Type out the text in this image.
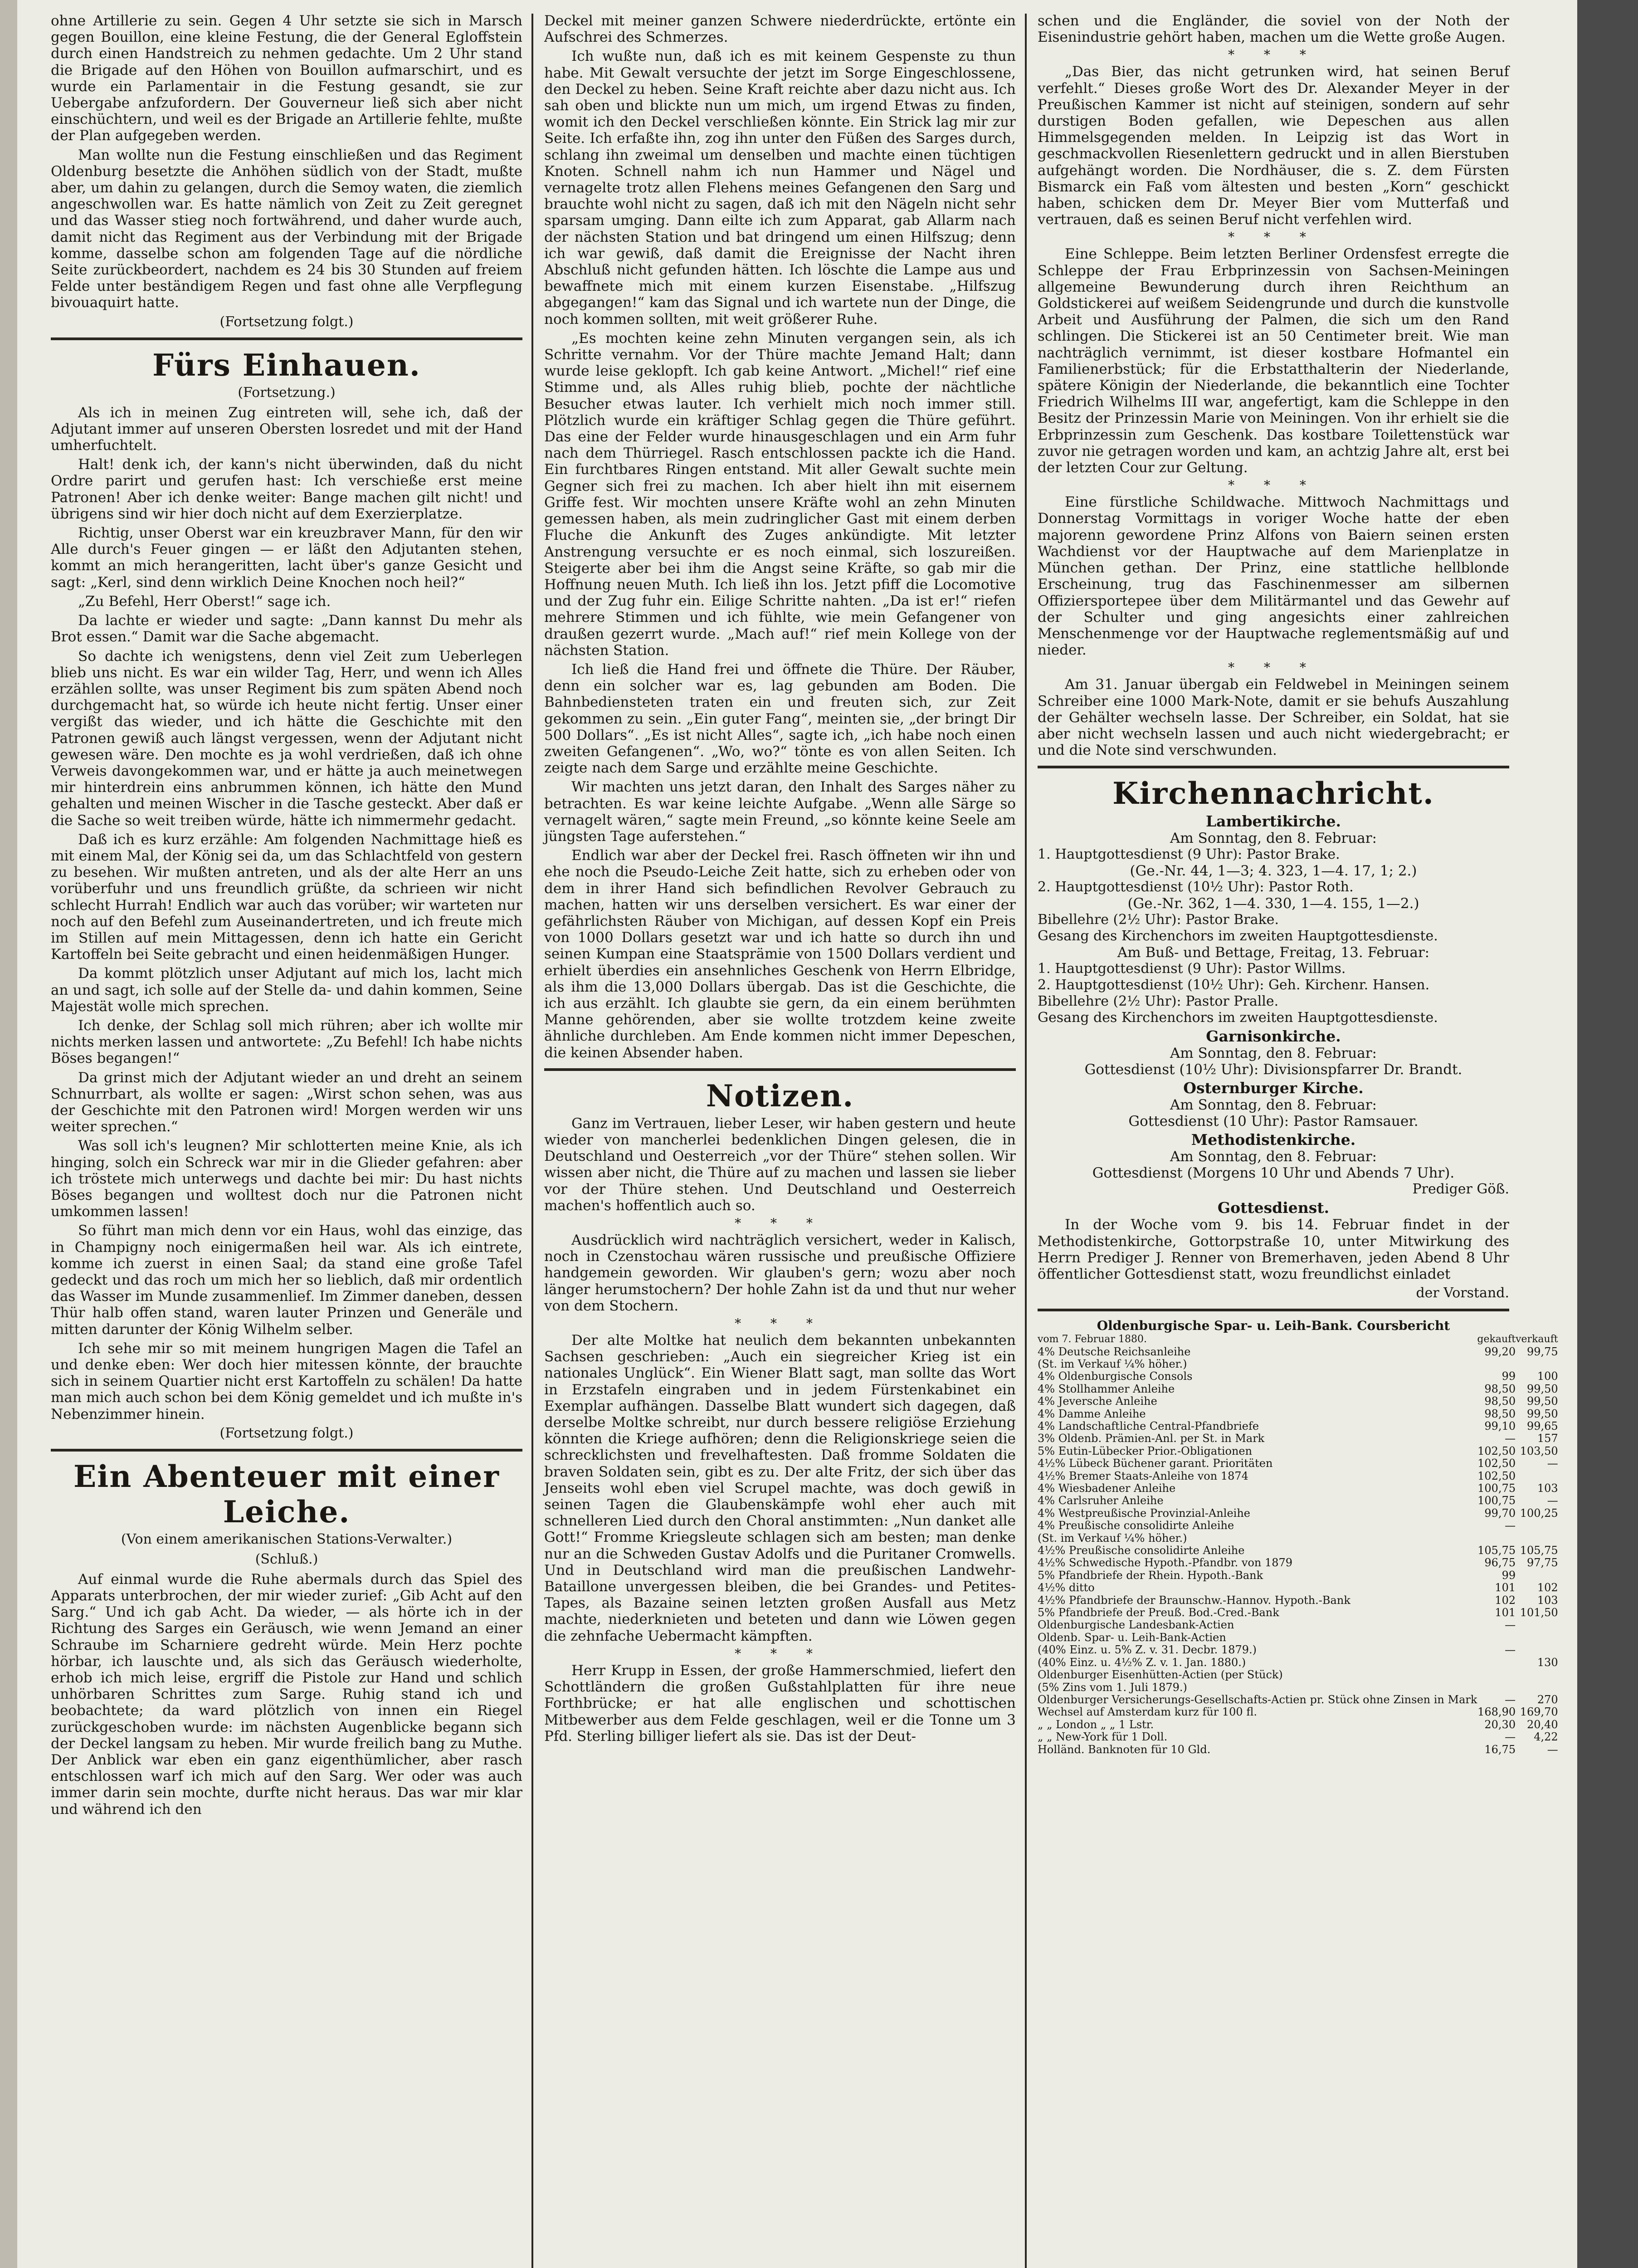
ohne Artillerie zu sein. Gegen 4 Uhr setzte sie sich in Marsch gegen Bouillon, eine kleine Festung, die der General Egloffstein durch einen Handstreich zu nehmen gedachte. Um 2 Uhr stand die Brigade auf den Höhen von Bouillon aufmarschirt, und es wurde ein Parlamentair in die Festung gesandt, sie zur Uebergabe anfzufordern. Der Gouverneur ließ sich aber nicht einschüchtern, und weil es der Brigade an Artillerie fehlte, mußte der Plan aufgegeben werden.

Man wollte nun die Festung einschließen und das Regiment Oldenburg besetzte die Anhöhen südlich von der Stadt, mußte aber, um dahin zu gelangen, durch die Semoy waten, die ziemlich angeschwollen war. Es hatte nämlich von Zeit zu Zeit geregnet und das Wasser stieg noch fortwährend, und daher wurde auch, damit nicht das Regiment aus der Verbindung mit der Brigade komme, dasselbe schon am folgenden Tage auf die nördliche Seite zurückbeordert, nachdem es 24 bis 30 Stunden auf freiem Felde unter beständigem Regen und fast ohne alle Verpflegung bivouaquirt hatte.

(Fortsetzung folgt.)

Fürs Einhauen.

(Fortsetzung.)

Als ich in meinen Zug eintreten will, sehe ich, daß der Adjutant immer auf unseren Obersten losredet und mit der Hand umherfuchtelt.

Halt! denk ich, der kann's nicht überwinden, daß du nicht Ordre parirt und gerufen hast: Ich verschieße erst meine Patronen! Aber ich denke weiter: Bange machen gilt nicht! und übrigens sind wir hier doch nicht auf dem Exerzierplatze.

Richtig, unser Oberst war ein kreuzbraver Mann, für den wir Alle durch's Feuer gingen — er läßt den Adjutanten stehen, kommt an mich herangeritten, lacht über's ganze Gesicht und sagt: „Kerl, sind denn wirklich Deine Knochen noch heil?“

„Zu Befehl, Herr Oberst!“ sage ich.

Da lachte er wieder und sagte: „Dann kannst Du mehr als Brot essen.“ Damit war die Sache abgemacht.

So dachte ich wenigstens, denn viel Zeit zum Ueberlegen blieb uns nicht. Es war ein wilder Tag, Herr, und wenn ich Alles erzählen sollte, was unser Regiment bis zum späten Abend noch durchgemacht hat, so würde ich heute nicht fertig. Unser einer vergißt das wieder, und ich hätte die Geschichte mit den Patronen gewiß auch längst vergessen, wenn der Adjutant nicht gewesen wäre. Den mochte es ja wohl verdrießen, daß ich ohne Verweis davongekommen war, und er hätte ja auch meinetwegen mir hinterdrein eins anbrummen können, ich hätte den Mund gehalten und meinen Wischer in die Tasche gesteckt. Aber daß er die Sache so weit treiben würde, hätte ich nimmermehr gedacht.

Daß ich es kurz erzähle: Am folgenden Nachmittage hieß es mit einem Mal, der König sei da, um das Schlachtfeld von gestern zu besehen. Wir mußten antreten, und als der alte Herr an uns vorüberfuhr und uns freundlich grüßte, da schrieen wir nicht schlecht Hurrah! Endlich war auch das vorüber; wir warteten nur noch auf den Befehl zum Auseinandertreten, und ich freute mich im Stillen auf mein Mittagessen, denn ich hatte ein Gericht Kartoffeln bei Seite gebracht und einen heidenmäßigen Hunger.

Da kommt plötzlich unser Adjutant auf mich los, lacht mich an und sagt, ich solle auf der Stelle da- und dahin kommen, Seine Majestät wolle mich sprechen.

Ich denke, der Schlag soll mich rühren; aber ich wollte mir nichts merken lassen und antwortete: „Zu Befehl! Ich habe nichts Böses begangen!“

Da grinst mich der Adjutant wieder an und dreht an seinem Schnurrbart, als wollte er sagen: „Wirst schon sehen, was aus der Geschichte mit den Patronen wird! Morgen werden wir uns weiter sprechen.“

Was soll ich's leugnen? Mir schlotterten meine Knie, als ich hinging, solch ein Schreck war mir in die Glieder gefahren: aber ich tröstete mich unterwegs und dachte bei mir: Du hast nichts Böses begangen und wolltest doch nur die Patronen nicht umkommen lassen!

So führt man mich denn vor ein Haus, wohl das einzige, das in Champigny noch einigermaßen heil war. Als ich eintrete, komme ich zuerst in einen Saal; da stand eine große Tafel gedeckt und das roch um mich her so lieblich, daß mir ordentlich das Wasser im Munde zusammenlief. Im Zimmer daneben, dessen Thür halb offen stand, waren lauter Prinzen und Generäle und mitten darunter der König Wilhelm selber.

Ich sehe mir so mit meinem hungrigen Magen die Tafel an und denke eben: Wer doch hier mitessen könnte, der brauchte sich in seinem Quartier nicht erst Kartoffeln zu schälen! Da hatte man mich auch schon bei dem König gemeldet und ich mußte in's Nebenzimmer hinein.

(Fortsetzung folgt.)

Ein Abenteuer mit einer Leiche.

(Von einem amerikanischen Stations-Verwalter.)

(Schluß.)

Auf einmal wurde die Ruhe abermals durch das Spiel des Apparats unterbrochen, der mir wieder zurief: „Gib Acht auf den Sarg.“ Und ich gab Acht. Da wieder, — als hörte ich in der Richtung des Sarges ein Geräusch, wie wenn Jemand an einer Schraube im Scharniere gedreht würde. Mein Herz pochte hörbar, ich lauschte und, als sich das Geräusch wiederholte, erhob ich mich leise, ergriff die Pistole zur Hand und schlich unhörbaren Schrittes zum Sarge. Ruhig stand ich und beobachtete; da ward plötzlich von innen ein Riegel zurückgeschoben wurde: im nächsten Augenblicke begann sich der Deckel langsam zu heben. Mir wurde freilich bang zu Muthe. Der Anblick war eben ein ganz eigenthümlicher, aber rasch entschlossen warf ich mich auf den Sarg. Wer oder was auch immer darin sein mochte, durfte nicht heraus. Das war mir klar und während ich den

Deckel mit meiner ganzen Schwere niederdrückte, ertönte ein Aufschrei des Schmerzes.

Ich wußte nun, daß ich es mit keinem Gespenste zu thun habe. Mit Gewalt versuchte der jetzt im Sorge Eingeschlossene, den Deckel zu heben. Seine Kraft reichte aber dazu nicht aus. Ich sah oben und blickte nun um mich, um irgend Etwas zu finden, womit ich den Deckel verschließen könnte. Ein Strick lag mir zur Seite. Ich erfaßte ihn, zog ihn unter den Füßen des Sarges durch, schlang ihn zweimal um denselben und machte einen tüchtigen Knoten. Schnell nahm ich nun Hammer und Nägel und vernagelte trotz allen Flehens meines Gefangenen den Sarg und brauchte wohl nicht zu sagen, daß ich mit den Nägeln nicht sehr sparsam umging. Dann eilte ich zum Apparat, gab Allarm nach der nächsten Station und bat dringend um einen Hilfszug; denn ich war gewiß, daß damit die Ereignisse der Nacht ihren Abschluß nicht gefunden hätten. Ich löschte die Lampe aus und bewaffnete mich mit einem kurzen Eisenstabe. „Hilfszug abgegangen!“ kam das Signal und ich wartete nun der Dinge, die noch kommen sollten, mit weit größerer Ruhe.

„Es mochten keine zehn Minuten vergangen sein, als ich Schritte vernahm. Vor der Thüre machte Jemand Halt; dann wurde leise geklopft. Ich gab keine Antwort. „Michel!“ rief eine Stimme und, als Alles ruhig blieb, pochte der nächtliche Besucher etwas lauter. Ich verhielt mich noch immer still. Plötzlich wurde ein kräftiger Schlag gegen die Thüre geführt. Das eine der Felder wurde hinausgeschlagen und ein Arm fuhr nach dem Thürriegel. Rasch entschlossen packte ich die Hand. Ein furchtbares Ringen entstand. Mit aller Gewalt suchte mein Gegner sich frei zu machen. Ich aber hielt ihn mit eisernem Griffe fest. Wir mochten unsere Kräfte wohl an zehn Minuten gemessen haben, als mein zudringlicher Gast mit einem derben Fluche die Ankunft des Zuges ankündigte. Mit letzter Anstrengung versuchte er es noch einmal, sich loszureißen. Steigerte aber bei ihm die Angst seine Kräfte, so gab mir die Hoffnung neuen Muth. Ich ließ ihn los. Jetzt pfiff die Locomotive und der Zug fuhr ein. Eilige Schritte nahten. „Da ist er!“ riefen mehrere Stimmen und ich fühlte, wie mein Gefangener von draußen gezerrt wurde. „Mach auf!“ rief mein Kollege von der nächsten Station.

Ich ließ die Hand frei und öffnete die Thüre. Der Räuber, denn ein solcher war es, lag gebunden am Boden. Die Bahnbediensteten traten ein und freuten sich, zur Zeit gekommen zu sein. „Ein guter Fang“, meinten sie, „der bringt Dir 500 Dollars“. „Es ist nicht Alles“, sagte ich, „ich habe noch einen zweiten Gefangenen“. „Wo, wo?“ tönte es von allen Seiten. Ich zeigte nach dem Sarge und erzählte meine Geschichte.

Wir machten uns jetzt daran, den Inhalt des Sarges näher zu betrachten. Es war keine leichte Aufgabe. „Wenn alle Särge so vernagelt wären,“ sagte mein Freund, „so könnte keine Seele am jüngsten Tage auferstehen.“

Endlich war aber der Deckel frei. Rasch öffneten wir ihn und ehe noch die Pseudo-Leiche Zeit hatte, sich zu erheben oder von dem in ihrer Hand sich befindlichen Revolver Gebrauch zu machen, hatten wir uns derselben versichert. Es war einer der gefährlichsten Räuber von Michigan, auf dessen Kopf ein Preis von 1000 Dollars gesetzt war und ich hatte so durch ihn und seinen Kumpan eine Staatsprämie von 1500 Dollars verdient und erhielt überdies ein ansehnliches Geschenk von Herrn Elbridge, als ihm die 13,000 Dollars übergab. Das ist die Geschichte, die ich aus erzählt. Ich glaubte sie gern, da ein einem berühmten Manne gehörenden, aber sie wollte trotzdem keine zweite ähnliche durchleben. Am Ende kommen nicht immer Depeschen, die keinen Absender haben.

Notizen.

Ganz im Vertrauen, lieber Leser, wir haben gestern und heute wieder von mancherlei bedenklichen Dingen gelesen, die in Deutschland und Oesterreich „vor der Thüre“ stehen sollen. Wir wissen aber nicht, die Thüre auf zu machen und lassen sie lieber vor der Thüre stehen. Und Deutschland und Oesterreich machen's hoffentlich auch so.

* * *

Ausdrücklich wird nachträglich versichert, weder in Kalisch, noch in Czenstochau wären russische und preußische Offiziere handgemein geworden. Wir glauben's gern; wozu aber noch länger herumstochern? Der hohle Zahn ist da und thut nur weher von dem Stochern.

* * *

Der alte Moltke hat neulich dem bekannten unbekannten Sachsen geschrieben: „Auch ein siegreicher Krieg ist ein nationales Unglück“. Ein Wiener Blatt sagt, man sollte das Wort in Erzstafeln eingraben und in jedem Fürstenkabinet ein Exemplar aufhängen. Dasselbe Blatt wundert sich dagegen, daß derselbe Moltke schreibt, nur durch bessere religiöse Erziehung könnten die Kriege aufhören; denn die Religionskriege seien die schrecklichsten und frevelhaftesten. Daß fromme Soldaten die braven Soldaten sein, gibt es zu. Der alte Fritz, der sich über das Jenseits wohl eben viel Scrupel machte, was doch gewiß in seinen Tagen die Glaubenskämpfe wohl eher auch mit schnelleren Lied durch den Choral anstimmten: „Nun danket alle Gott!“ Fromme Kriegsleute schlagen sich am besten; man denke nur an die Schweden Gustav Adolfs und die Puritaner Cromwells. Und in Deutschland wird man die preußischen Landwehr-Bataillone unvergessen bleiben, die bei Grandes- und Petites-Tapes, als Bazaine seinen letzten großen Ausfall aus Metz machte, niederknieten und beteten und dann wie Löwen gegen die zehnfache Uebermacht kämpften.

* * *

Herr Krupp in Essen, der große Hammerschmied, liefert den Schottländern die großen Gußstahlplatten für ihre neue Forthbrücke; er hat alle englischen und schottischen Mitbewerber aus dem Felde geschlagen, weil er die Tonne um 3 Pfd. Sterling billiger liefert als sie. Das ist der Deut-

schen und die Engländer, die soviel von der Noth der Eisenindustrie gehört haben, machen um die Wette große Augen.

* * *

„Das Bier, das nicht getrunken wird, hat seinen Beruf verfehlt.“ Dieses große Wort des Dr. Alexander Meyer in der Preußischen Kammer ist nicht auf steinigen, sondern auf sehr durstigen Boden gefallen, wie Depeschen aus allen Himmelsgegenden melden. In Leipzig ist das Wort in geschmackvollen Riesenlettern gedruckt und in allen Bierstuben aufgehängt worden. Die Nordhäuser, die s. Z. dem Fürsten Bismarck ein Faß vom ältesten und besten „Korn“ geschickt haben, schicken dem Dr. Meyer Bier vom Mutterfaß und vertrauen, daß es seinen Beruf nicht verfehlen wird.

* * *

Eine Schleppe. Beim letzten Berliner Ordensfest erregte die Schleppe der Frau Erbprinzessin von Sachsen-Meiningen allgemeine Bewunderung durch ihren Reichthum an Goldstickerei auf weißem Seidengrunde und durch die kunstvolle Arbeit und Ausführung der Palmen, die sich um den Rand schlingen. Die Stickerei ist an 50 Centimeter breit. Wie man nachträglich vernimmt, ist dieser kostbare Hofmantel ein Familienerbstück; für die Erbstatthalterin der Niederlande, spätere Königin der Niederlande, die bekanntlich eine Tochter Friedrich Wilhelms III war, angefertigt, kam die Schleppe in den Besitz der Prinzessin Marie von Meiningen. Von ihr erhielt sie die Erbprinzessin zum Geschenk. Das kostbare Toilettenstück war zuvor nie getragen worden und kam, an achtzig Jahre alt, erst bei der letzten Cour zur Geltung.

* * *

Eine fürstliche Schildwache. Mittwoch Nachmittags und Donnerstag Vormittags in voriger Woche hatte der eben majorenn gewordene Prinz Alfons von Baiern seinen ersten Wachdienst vor der Hauptwache auf dem Marienplatze in München gethan. Der Prinz, eine stattliche hellblonde Erscheinung, trug das Faschinenmesser am silbernen Offiziersportepee über dem Militärmantel und das Gewehr auf der Schulter und ging angesichts einer zahlreichen Menschenmenge vor der Hauptwache reglementsmäßig auf und nieder.

* * *

Am 31. Januar übergab ein Feldwebel in Meiningen seinem Schreiber eine 1000 Mark-Note, damit er sie behufs Auszahlung der Gehälter wechseln lasse. Der Schreiber, ein Soldat, hat sie aber nicht wechseln lassen und auch nicht wiedergebracht; er und die Note sind verschwunden.

Kirchennachricht.

Lambertikirche.

Am Sonntag, den 8. Februar:

1. Hauptgottesdienst (9 Uhr): Pastor Brake.

(Ge.-Nr. 44, 1—3; 4. 323, 1—4. 17, 1; 2.)

2. Hauptgottesdienst (10½ Uhr): Pastor Roth.

(Ge.-Nr. 362, 1—4. 330, 1—4. 155, 1—2.)

Bibellehre (2½ Uhr): Pastor Brake.

Gesang des Kirchenchors im zweiten Hauptgottesdienste.

Am Buß- und Bettage, Freitag, 13. Februar:

1. Hauptgottesdienst (9 Uhr): Pastor Willms.

2. Hauptgottesdienst (10½ Uhr): Geh. Kirchenr. Hansen.

Bibellehre (2½ Uhr): Pastor Pralle.

Gesang des Kirchenchors im zweiten Hauptgottesdienste.

Garnisonkirche.

Am Sonntag, den 8. Februar:

Gottesdienst (10½ Uhr): Divisionspfarrer Dr. Brandt.

Osternburger Kirche.

Am Sonntag, den 8. Februar:

Gottesdienst (10 Uhr): Pastor Ramsauer.

Methodistenkirche.

Am Sonntag, den 8. Februar:

Gottesdienst (Morgens 10 Uhr und Abends 7 Uhr).

Prediger Göß.

Gottesdienst.

In der Woche vom 9. bis 14. Februar findet in der Methodistenkirche, Gottorpstraße 10, unter Mitwirkung des Herrn Prediger J. Renner von Bremerhaven, jeden Abend 8 Uhr öffentlicher Gottesdienst statt, wozu freundlichst einladet

der Vorstand.

Oldenburgische Spar- u. Leih-Bank. Coursbericht

vom 7. Februar 1880.	gekauft	verkauft
4% Deutsche Reichsanleihe	99,20	99,75
(St. im Verkauf ¼% höher.)		
4% Oldenburgische Consols	99	100
4% Stollhammer Anleihe	98,50	99,50
4% Jeversche Anleihe	98,50	99,50
4% Damme Anleihe	98,50	99,50
4% Landschaftliche Central-Pfandbriefe	99,10	99,65
3% Oldenb. Prämien-Anl. per St. in Mark	—	157
5% Eutin-Lübecker Prior.-Obligationen	102,50	103,50
4½% Lübeck Büchener garant. Prioritäten	102,50	—
4½% Bremer Staats-Anleihe von 1874	102,50	
4% Wiesbadener Anleihe	100,75	103
4% Carlsruher Anleihe	100,75	—
4% Westpreußische Provinzial-Anleihe	99,70	100,25
4% Preußische consolidirte Anleihe	—	
(St. im Verkauf ¼% höher.)		
4½% Preußische consolidirte Anleihe	105,75	105,75
4½% Schwedische Hypoth.-Pfandbr. von 1879	96,75	97,75
5% Pfandbriefe der Rhein. Hypoth.-Bank	99	
4½% ditto	101	102
4½% Pfandbriefe der Braunschw.-Hannov. Hypoth.-Bank	102	103
5% Pfandbriefe der Preuß. Bod.-Cred.-Bank	101	101,50
Oldenburgische Landesbank-Actien	—	
Oldenb. Spar- u. Leih-Bank-Actien		
(40% Einz. u. 5% Z. v. 31. Decbr. 1879.)	—	
(40% Einz. u. 4½% Z. v. 1. Jan. 1880.)		130
Oldenburger Eisenhütten-Actien (per Stück)		
(5% Zins vom 1. Juli 1879.)		
Oldenburger Versicherungs-Gesellschafts-Actien pr. Stück ohne Zinsen in Mark	—	270
Wechsel auf Amsterdam kurz für 100 fl.	168,90	169,70
„ „ London „ „ 1 Lstr.	20,30	20,40
„ „ New-York für 1 Doll.	—	4,22
Holländ. Banknoten für 10 Gld.	16,75	—
